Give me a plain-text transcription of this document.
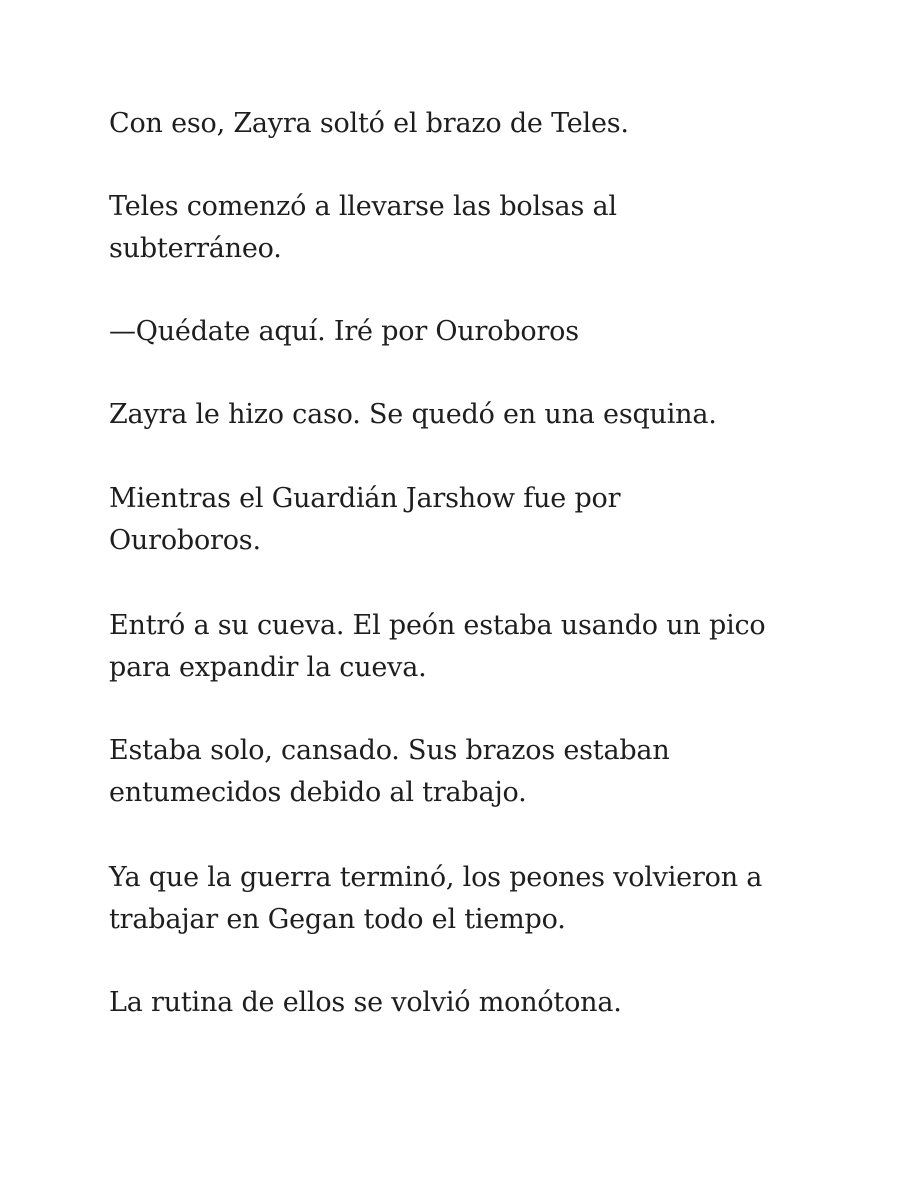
Con eso, Zayra soltó el brazo de Teles.

Teles comenzó a llevarse las bolsas al
subterráneo.

—Quédate aquí. Iré por Ouroboros

Zayra le hizo caso. Se quedó en una esquina.

Mientras el Guardián Jarshow fue por
Ouroboros.

Entró a su cueva. El peón estaba usando un pico
para expandir la cueva.

Estaba solo, cansado. Sus brazos estaban
entumecidos debido al trabajo.

Ya que la guerra terminó, los peones volvieron a
trabajar en Gegan todo el tiempo.

La rutina de ellos se volvió monótona.
